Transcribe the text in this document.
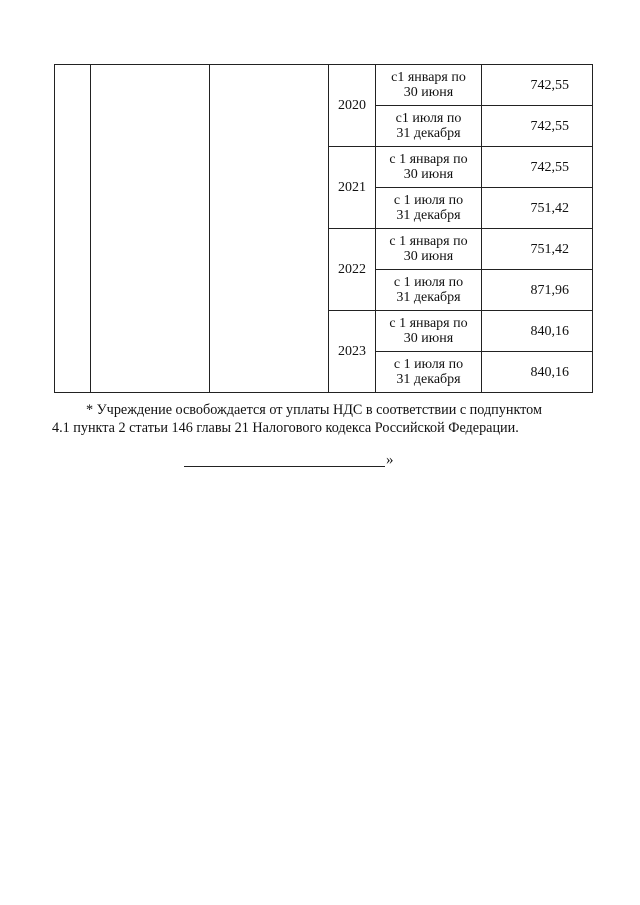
			2020	с1 января по
30 июня	742,55

				с1 июля по
31 декабря	742,55
			2021	с 1 января по
30 июня	742,55

				с 1 июля по
31 декабря	751,42
			2022	с 1 января по
30 июня	751,42

				с 1 июля по
31 декабря	871,96
			2023	с 1 января по
30 июня	840,16

				с 1 июля по
31 декабря	840,16

* Учреждение освобождается от уплаты НДС в соответствии с подпунктом
4.1 пункта 2 статьи 146 главы 21 Налогового кодекса Российской Федерации.

»
